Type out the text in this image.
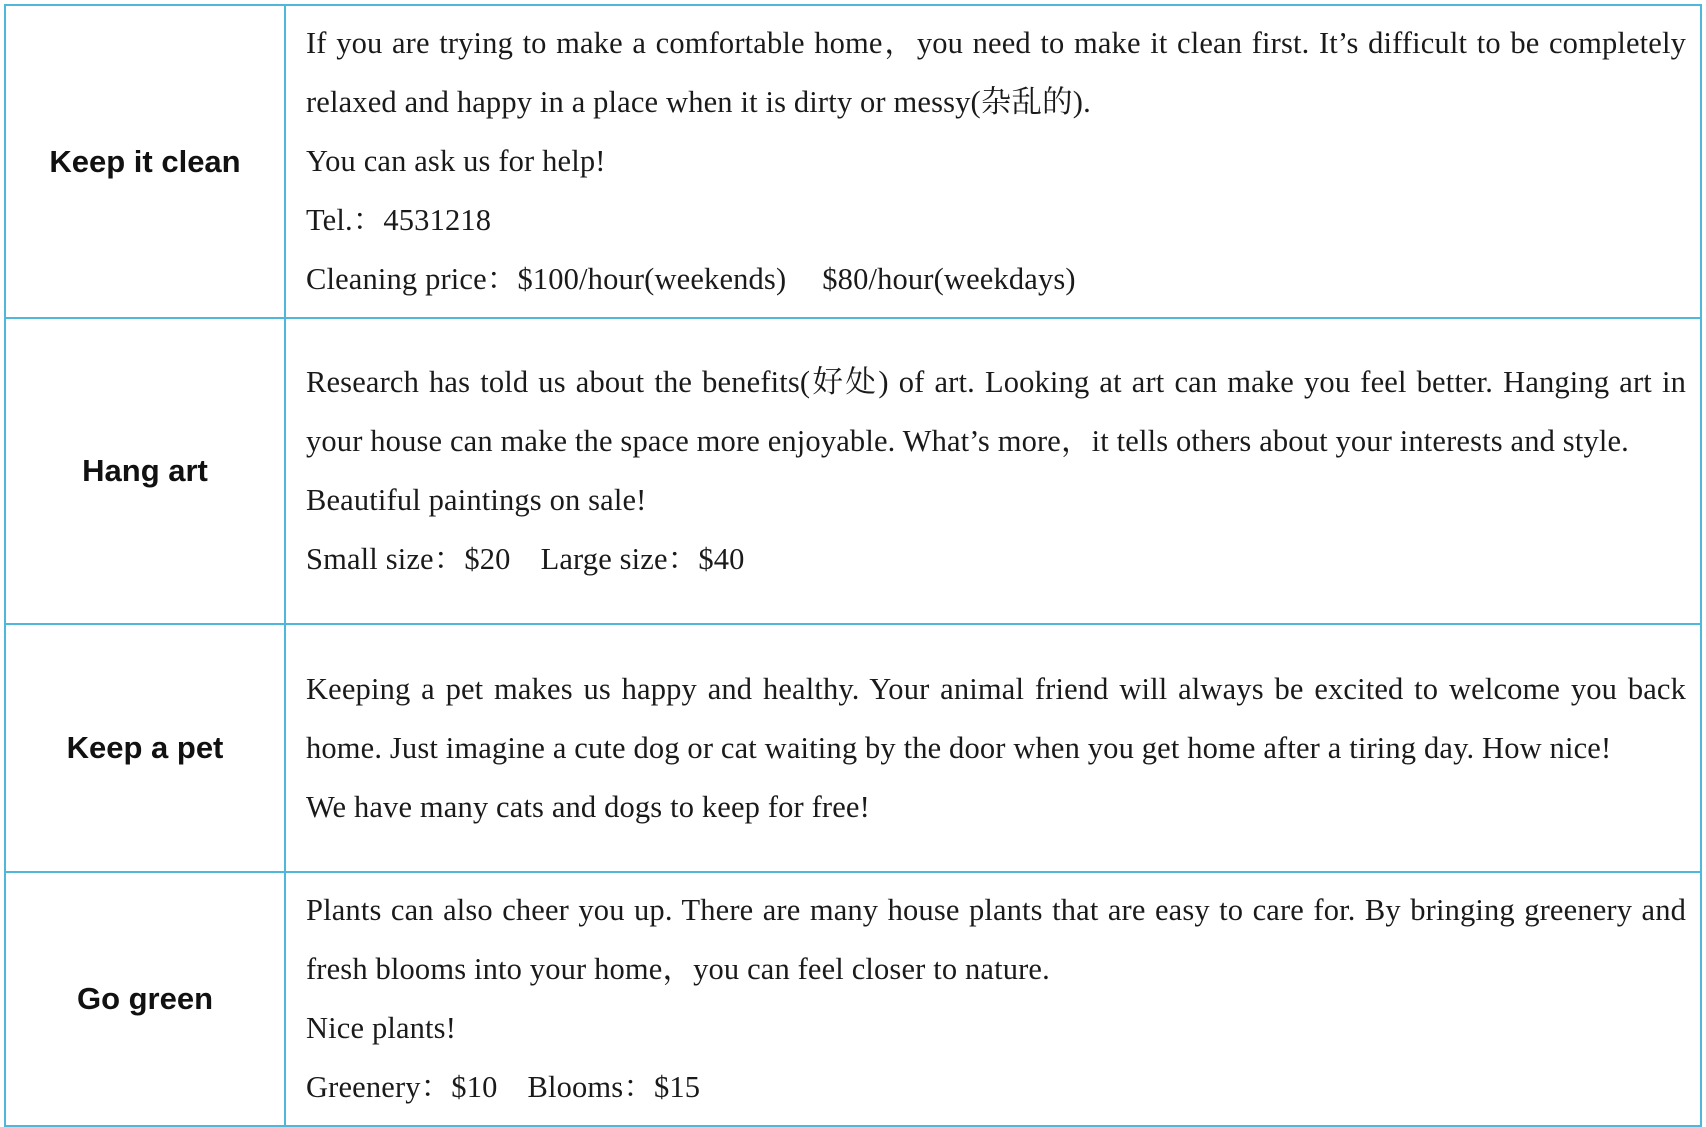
Keep it clean	If you are trying to make a comfortable home，you need to make it clean first. It’s difficult to be completely relaxed and happy in a place when it is dirty or messy(杂乱的).
You can ask us for help!
Tel.：4531218
Cleaning price：$100/hour(weekends) $80/hour(weekdays)

Hang art	Research has told us about the benefits(好处) of art. Looking at art can make you feel better. Hanging art in your house can make the space more enjoyable. What’s more，it tells others about your interests and style.
Beautiful paintings on sale!
Small size：$20 Large size：$40

Keep a pet	Keeping a pet makes us happy and healthy. Your animal friend will always be excited to welcome you back home. Just imagine a cute dog or cat waiting by the door when you get home after a tiring day. How nice!
We have many cats and dogs to keep for free!

Go green	Plants can also cheer you up. There are many house plants that are easy to care for. By bringing greenery and fresh blooms into your home，you can feel closer to nature.
Nice plants!
Greenery：$10 Blooms：$15
